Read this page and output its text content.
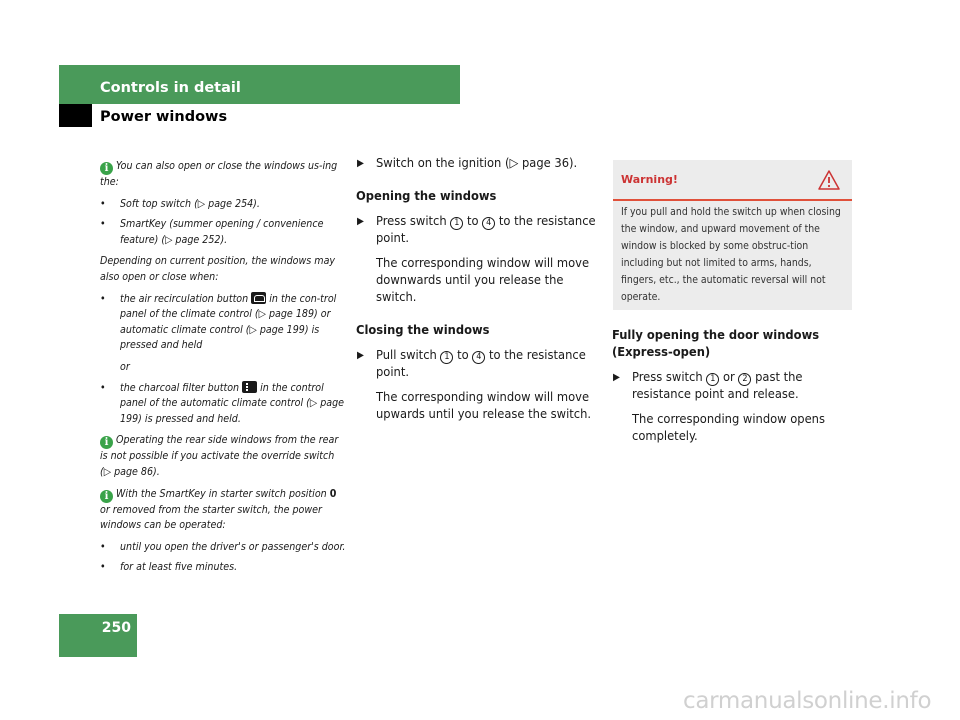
Controls in detail
Power windows

i You can also open or close the windows us-ing the:

• Soft top switch (▷ page 254).
• SmartKey (summer opening / convenience feature) (▷ page 252).

Depending on current position, the windows may also open or close when:

• the air recirculation button in the con-trol panel of the climate control (▷ page 189) or automatic climate control (▷ page 199) is pressed and held

or

• the charcoal filter button in the control panel of the automatic climate control (▷ page 199) is pressed and held.

i Operating the rear side windows from the rear is not possible if you activate the override switch (▷ page 86).

i With the SmartKey in starter switch position 0 or removed from the starter switch, the power windows can be operated:

• until you open the driver's or passenger's door.
• for at least five minutes.
▶ Switch on the ignition (▷ page 36).
Opening the windows
▶ Press switch 1 to 4 to the resistance point.
The corresponding window will move downwards until you release the switch.
Closing the windows
▶ Pull switch 1 to 4 to the resistance point.
The corresponding window will move upwards until you release the switch.
Warning!
If you pull and hold the switch up when closing the window, and upward movement of the window is blocked by some obstruc-tion including but not limited to arms, hands, fingers, etc., the automatic reversal will not operate.
Fully opening the door windows (Express-open)
▶ Press switch 1 or 2 past the resistance point and release.
The corresponding window opens completely.
250
carmanualsonline.info
